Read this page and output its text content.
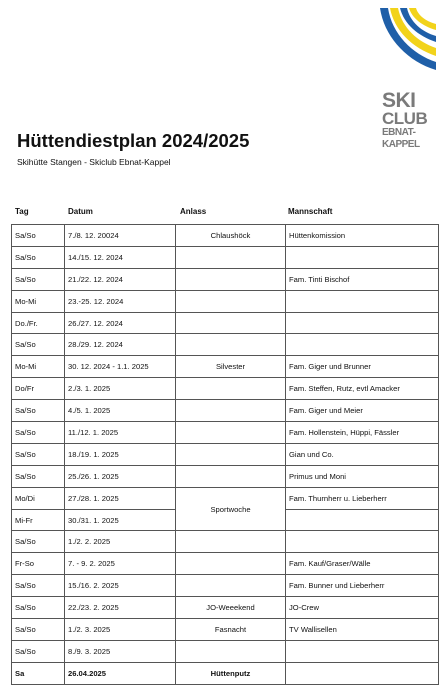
SKI
CLUB
EBNAT-
KAPPEL
Hüttendiestplan 2024/2025
Skihütte Stangen - Skiclub Ebnat-Kappel
Tag	Datum	Anlass	Mannschaft
Sa/So	7./8. 12. 20024	Chlaushöck	Hüttenkomission
Sa/So	14./15. 12. 2024		
Sa/So	21./22. 12. 2024		Fam. Tinti Bischof
Mo-Mi	23.-25. 12. 2024		
Do./Fr.	26./27. 12. 2024		
Sa/So	28./29. 12. 2024		
Mo-Mi	30. 12. 2024 - 1.1. 2025	Silvester	Fam. Giger und Brunner
Do/Fr	2./3. 1. 2025		Fam. Steffen, Rutz, evtl Amacker
Sa/So	4./5. 1. 2025		Fam. Giger und Meier
Sa/So	11./12. 1. 2025		Fam. Hollenstein, Hüppi, Fässler
Sa/So	18./19. 1. 2025		Gian und Co.
Sa/So	25./26. 1. 2025		Primus und Moni
Mo/Di	27./28. 1. 2025	Sportwoche	Fam. Thurnherr u. Lieberherr
Mi-Fr	30./31. 1. 2025		
Sa/So	1./2. 2. 2025		
Fr-So	7. - 9. 2. 2025		Fam. Kauf/Graser/Wälle
Sa/So	15./16. 2. 2025		Fam. Bunner und Lieberherr
Sa/So	22./23. 2. 2025	JO-Weeekend	JO-Crew
Sa/So	1./2. 3. 2025	Fasnacht	TV Wallisellen
Sa/So	8./9. 3. 2025		
Sa	26.04.2025	Hüttenputz	
